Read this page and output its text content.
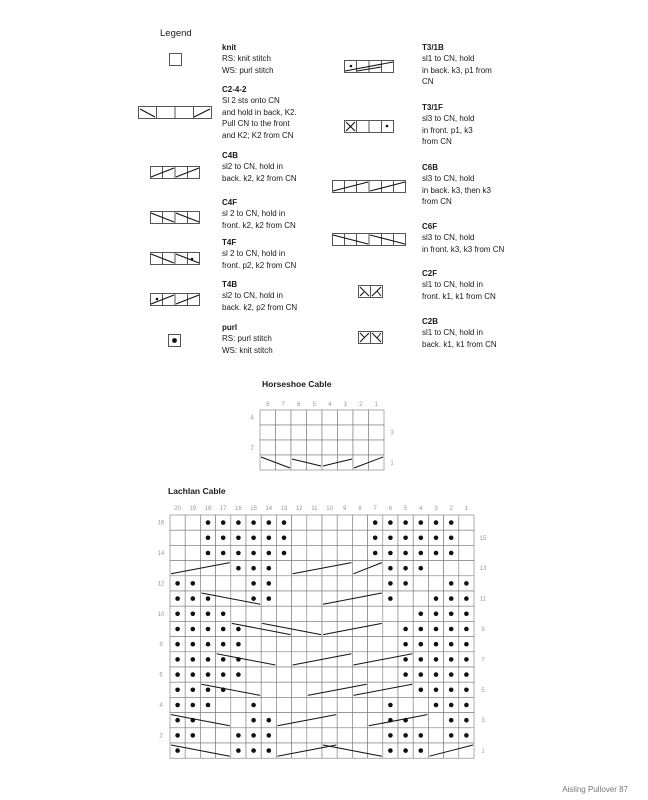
Legend
knit
RS: knit stitch
WS: purl stitch
C2-4-2
Sl 2 sts onto CN
and hold in back, K2.
Pull CN to the front
and K2; K2 from CN
C4B
sl2 to CN, hold in
back. k2, k2 from CN
C4F
sl 2 to CN, hold in
front. k2, k2 from CN
T4F
sl 2 to CN, hold in
front. p2, k2 from CN
T4B
sl2 to CN, hold in
back. k2, p2 from CN
purl
RS: purl stitch
WS: knit stitch
T3/1B
sl1 to CN, hold
in back. k3, p1 from
CN
T3/1F
sl3 to CN, hold
in front. p1, k3
from CN
C6B
sl3 to CN, hold
in back. k3, then k3
from CN
C6F
sl3 to CN, hold
in front. k3, k3 from CN
C2F
sl1 to CN, hold in
front. k1, k1 from CN
C2B
sl1 to CN, hold in
back. k1, k1 from CN
Horseshoe Cable
8 7 6 5 4 3 2 1
4
3
2
1
Lachlan Cable
20 19 18 17 16 15 14 13 12 11 10 9 8 7 6 5 4 3 2 1
16
15
14
13
12
11
10
9
8
7
6
5
4
3
2
1
Aisling Pullover 87
